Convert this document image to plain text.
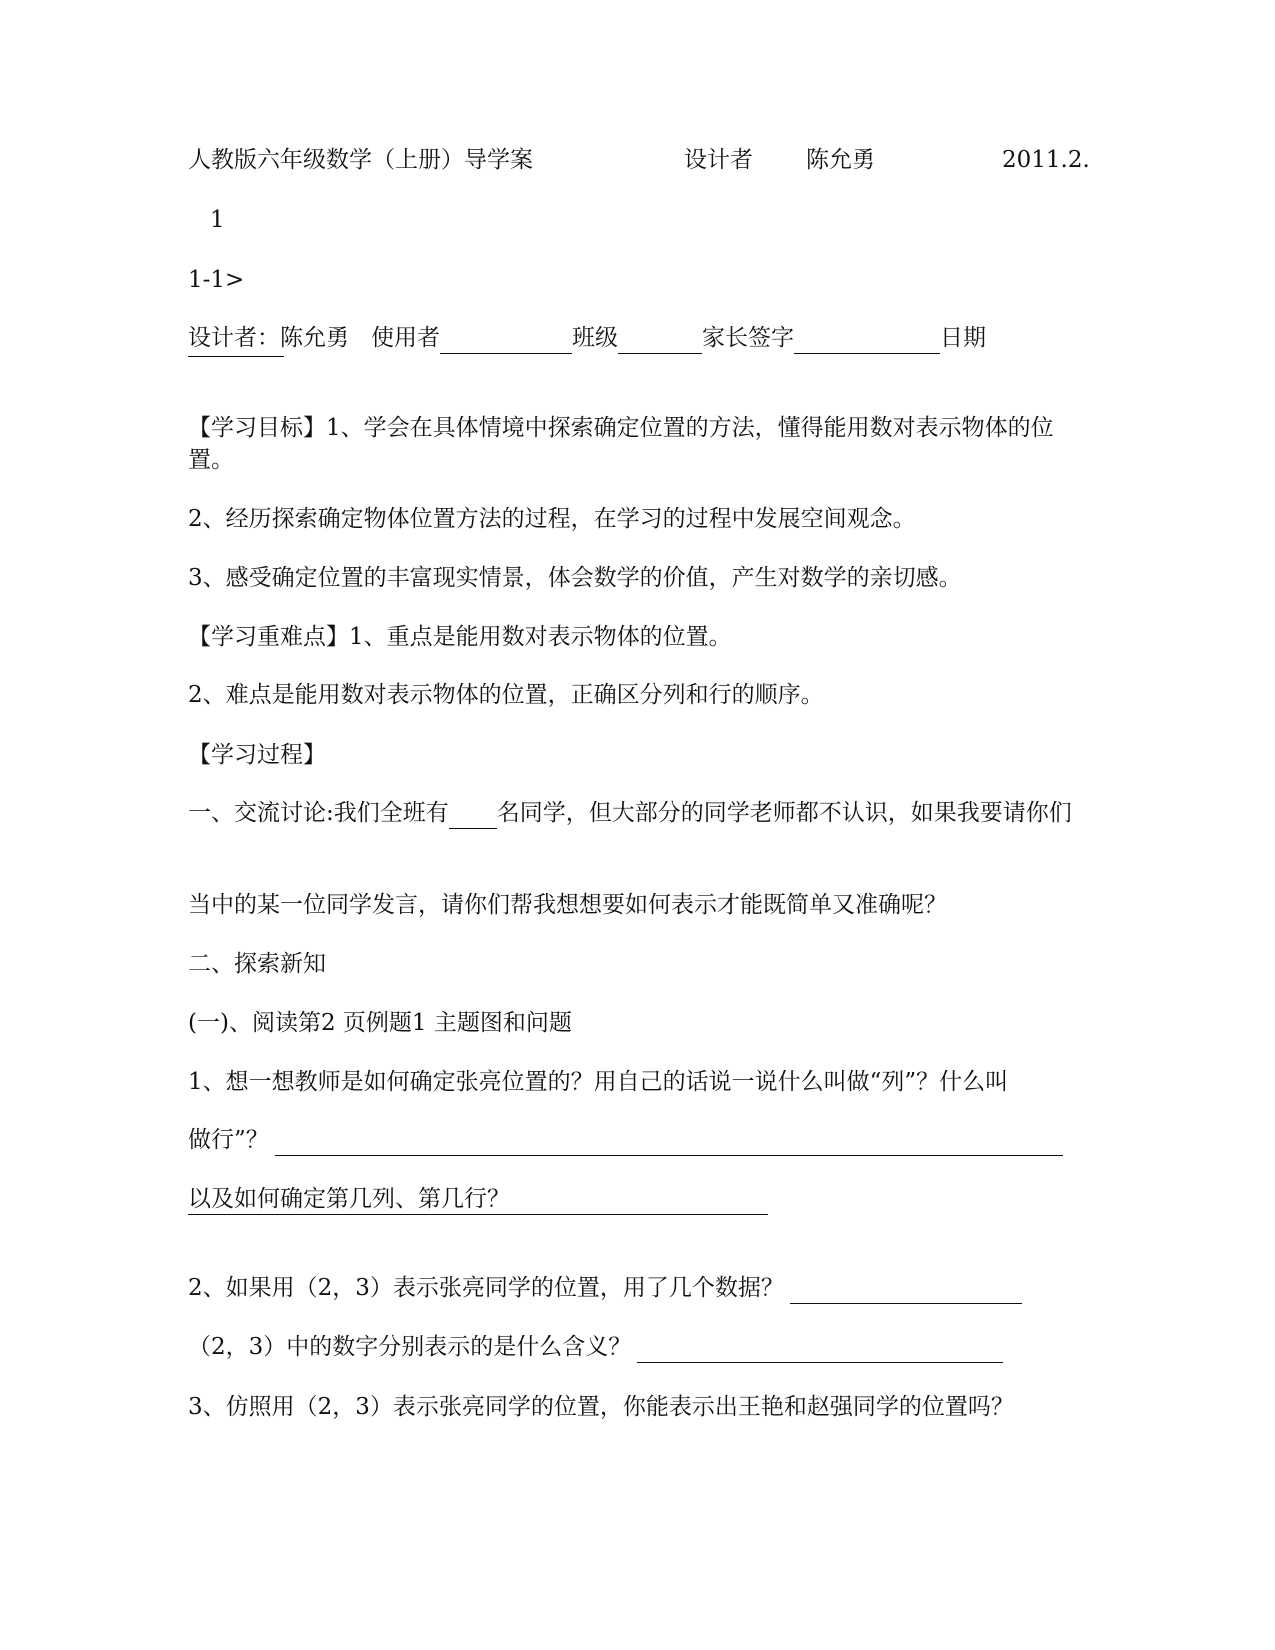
人教版六年级数学（上册）导学案	设计者 陈允勇	2011.2.

1

1-1>

设计者：陈允勇 使用者	班级	家长签字	日期

【学习目标】1、学会在具体情境中探索确定位置的方法，懂得能用数对表示物体的位置。

2、经历探索确定物体位置方法的过程，在学习的过程中发展空间观念。

3、感受确定位置的丰富现实情景，体会数学的价值，产生对数学的亲切感。

【学习重难点】1、重点是能用数对表示物体的位置。

2、难点是能用数对表示物体的位置，正确区分列和行的顺序。

【学习过程】

一、交流讨论:我们全班有 名同学，但大部分的同学老师都不认识，如果我要请你们

当中的某一位同学发言，请你们帮我想想要如何表示才能既简单又准确呢？

二、探索新知

(一)、阅读第2 页例题1 主题图和问题

1、想一想教师是如何确定张亮位置的？用自己的话说一说什么叫做“列”？什么叫

做行”？

以及如何确定第几列、第几行？

2、如果用（2，3）表示张亮同学的位置，用了几个数据？

（2，3）中的数字分别表示的是什么含义？

3、仿照用（2，3）表示张亮同学的位置，你能表示出王艳和赵强同学的位置吗？
